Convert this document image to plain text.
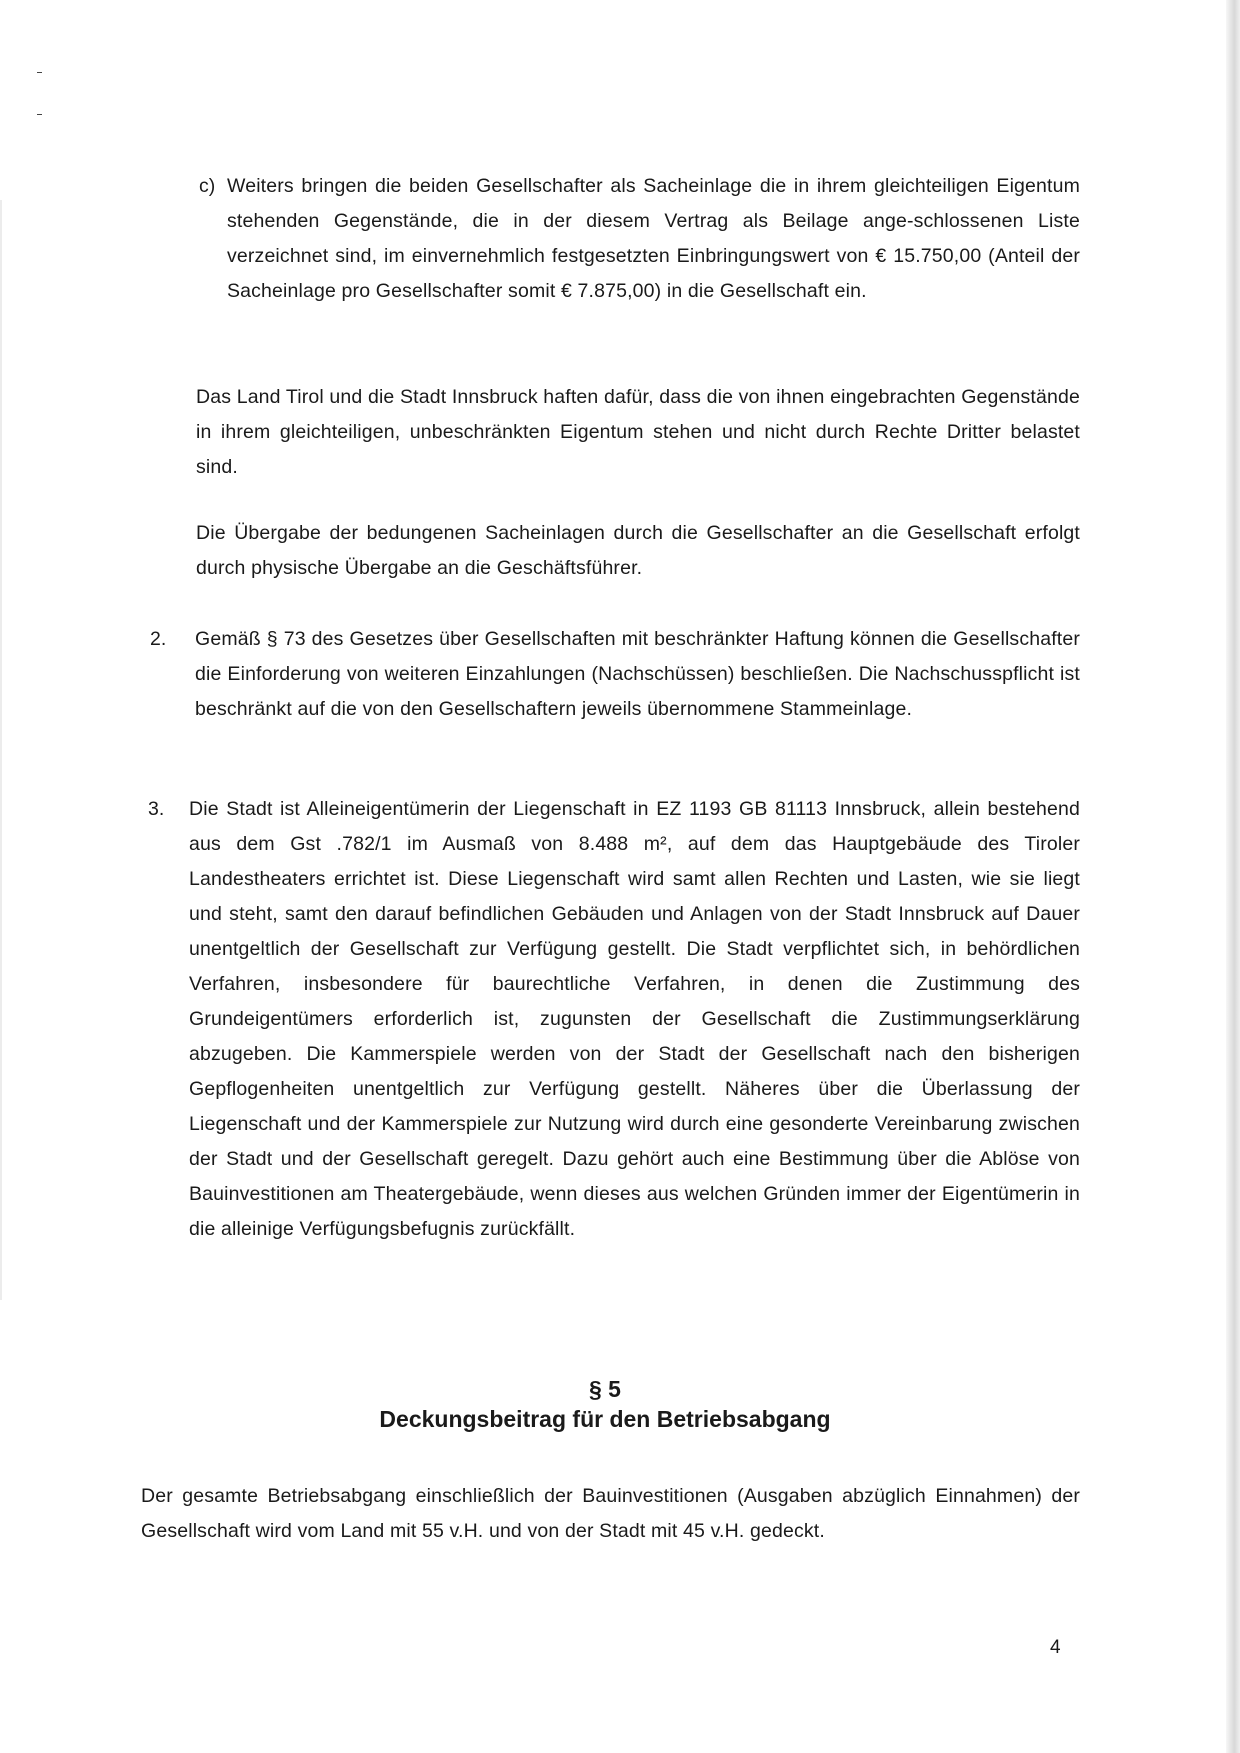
c) Weiters bringen die beiden Gesellschafter als Sacheinlage die in ihrem gleichteiligen Eigentum stehenden Gegenstände, die in der diesem Vertrag als Beilage ange-schlossenen Liste verzeichnet sind, im einvernehmlich festgesetzten Einbringungswert von € 15.750,00 (Anteil der Sacheinlage pro Gesellschafter somit € 7.875,00) in die Gesellschaft ein.

Das Land Tirol und die Stadt Innsbruck haften dafür, dass die von ihnen eingebrachten Gegenstände in ihrem gleichteiligen, unbeschränkten Eigentum stehen und nicht durch Rechte Dritter belastet sind.

Die Übergabe der bedungenen Sacheinlagen durch die Gesellschafter an die Gesellschaft erfolgt durch physische Übergabe an die Geschäftsführer.

2. Gemäß § 73 des Gesetzes über Gesellschaften mit beschränkter Haftung können die Gesellschafter die Einforderung von weiteren Einzahlungen (Nachschüssen) beschließen. Die Nachschusspflicht ist beschränkt auf die von den Gesellschaftern jeweils übernommene Stammeinlage.

3. Die Stadt ist Alleineigentümerin der Liegenschaft in EZ 1193 GB 81113 Innsbruck, allein bestehend aus dem Gst .782/1 im Ausmaß von 8.488 m², auf dem das Hauptgebäude des Tiroler Landestheaters errichtet ist. Diese Liegenschaft wird samt allen Rechten und Lasten, wie sie liegt und steht, samt den darauf befindlichen Gebäuden und Anlagen von der Stadt Innsbruck auf Dauer unentgeltlich der Gesellschaft zur Verfügung gestellt. Die Stadt verpflichtet sich, in behördlichen Verfahren, insbesondere für baurechtliche Verfahren, in denen die Zustimmung des Grundeigentümers erforderlich ist, zugunsten der Gesellschaft die Zustimmungserklärung abzugeben. Die Kammerspiele werden von der Stadt der Gesellschaft nach den bisherigen Gepflogenheiten unentgeltlich zur Verfügung gestellt. Näheres über die Überlassung der Liegenschaft und der Kammerspiele zur Nutzung wird durch eine gesonderte Vereinbarung zwischen der Stadt und der Gesellschaft geregelt. Dazu gehört auch eine Bestimmung über die Ablöse von Bauinvestitionen am Theatergebäude, wenn dieses aus welchen Gründen immer der Eigentümerin in die alleinige Verfügungsbefugnis zurückfällt.

§ 5
Deckungsbeitrag für den Betriebsabgang

Der gesamte Betriebsabgang einschließlich der Bauinvestitionen (Ausgaben abzüglich Einnahmen) der Gesellschaft wird vom Land mit 55 v.H. und von der Stadt mit 45 v.H. gedeckt.

4
